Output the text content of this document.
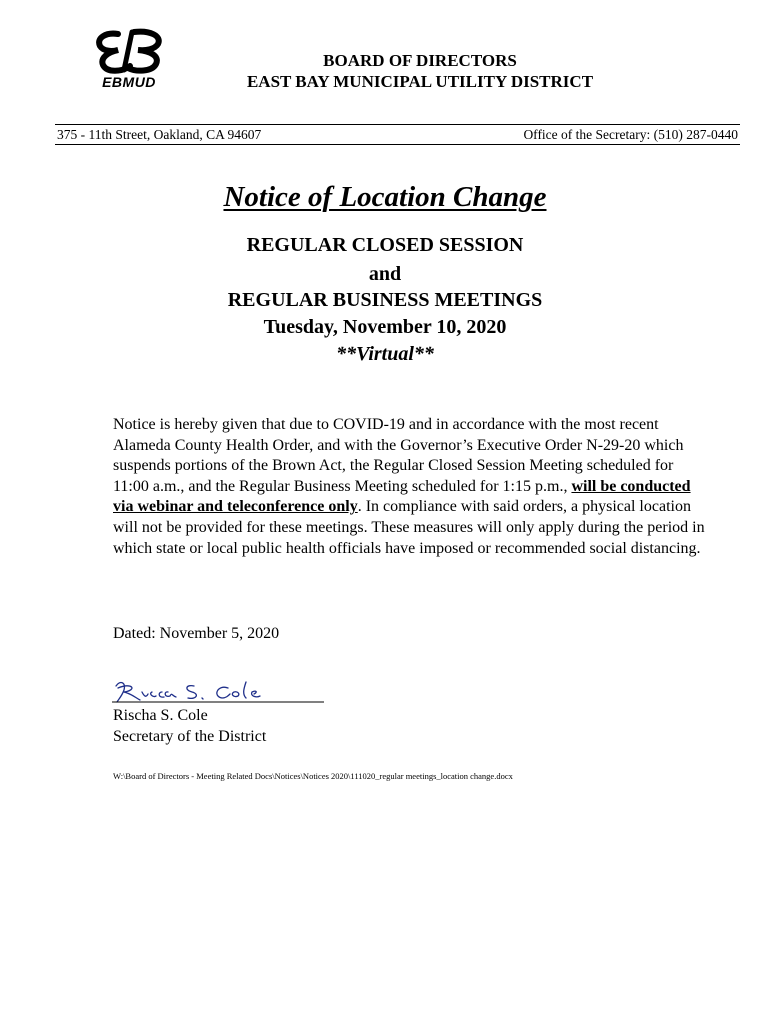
EBMUD
BOARD OF DIRECTORS
EAST BAY MUNICIPAL UTILITY DISTRICT
375 - 11th Street, Oakland, CA 94607	Office of the Secretary: (510) 287-0440
Notice of Location Change
REGULAR CLOSED SESSION
and
REGULAR BUSINESS MEETINGS
Tuesday, November 10, 2020
**Virtual**
Notice is hereby given that due to COVID-19 and in accordance with the most recent Alameda County Health Order, and with the Governor’s Executive Order N-29-20 which suspends portions of the Brown Act, the Regular Closed Session Meeting scheduled for 11:00 a.m., and the Regular Business Meeting scheduled for 1:15 p.m., will be conducted via webinar and teleconference only. In compliance with said orders, a physical location will not be provided for these meetings. These measures will only apply during the period in which state or local public health officials have imposed or recommended social distancing.
Dated: November 5, 2020
Rischa S. Cole
Secretary of the District
W:\Board of Directors - Meeting Related Docs\Notices\Notices 2020\111020_regular meetings_location change.docx
